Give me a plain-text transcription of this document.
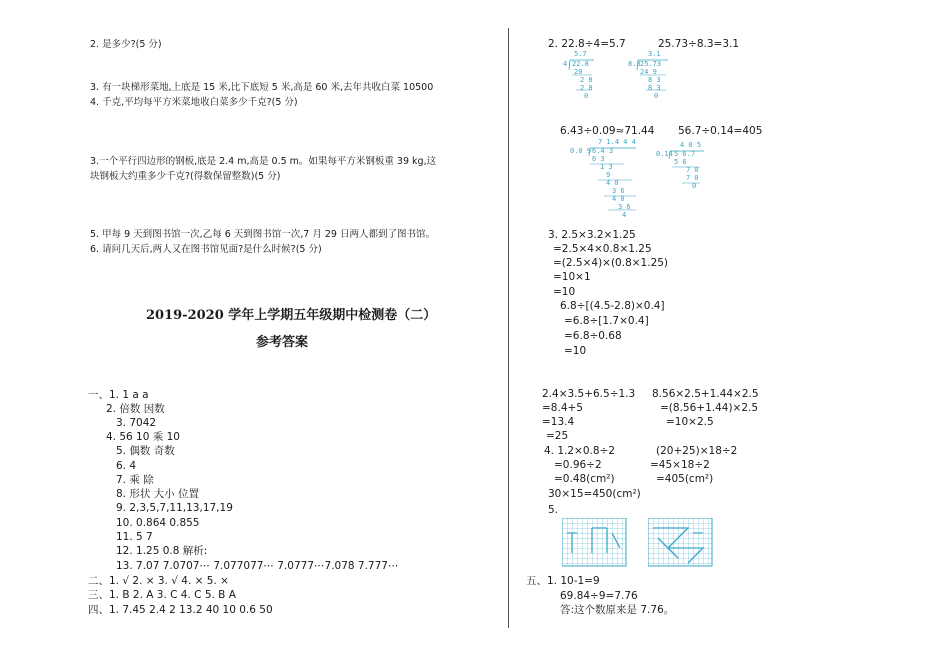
2. 是多少?(5 分)
3. 有一块梯形菜地,上底是 15 米,比下底短 5 米,高是 60 米,去年共收白菜 10500
4. 千克,平均每平方米菜地收白菜多少千克?(5 分)
3.一个平行四边形的钢板,底是 2.4 m,高是 0.5 m。如果每平方米钢板重 39 kg,这
块钢板大约重多少千克?(得数保留整数)(5 分)
5. 甲每 9 天到图书馆一次,乙每 6 天到图书馆一次,7 月 29 日两人都到了图书馆。
6. 请问几天后,两人又在图书馆见面?是什么时候?(5 分)
2019-2020 学年上学期五年级期中检测卷（二）
参考答案
一、1. 1 a a
2. 倍数 因数
3. 7042
4. 56 10 乘 10
5. 偶数 奇数
6. 4
7. 乘 除
8. 形状 大小 位置
9. 2,3,5,7,11,13,17,19
10. 0.864 0.855
11. 5 7
12. 1.25 0.8 解析:
13. 7.07 7.0707⋯ 7.077077⋯ 7.0777⋯7.078 7.777⋯
二、1. √ 2. × 3. √ 4. × 5. ×
三、1. B 2. A 3. C 4. C 5. B A
四、1. 7.45 2.4 2 13.2 40 10 0.6 50
2. 22.8÷4=5.7	25.73÷8.3=3.1
5.7
4 22.8
20
2 8
2 8
0
3.1
8.3 25.73
24 9
8 3
8 3
0
6.43÷0.09≈71.44 56.7÷0.14=405
7 1.4 4 4
0.0 9 6.4 3
6 3
1 3
9
4 0
3 6
4 0
3 6
4
4 0 5
0.14 5 6.7
5 6
7 0
7 0
0
3. 2.5×3.2×1.25
=2.5×4×0.8×1.25
=(2.5×4)×(0.8×1.25)
=10×1
=10
6.8÷[(4.5-2.8)×0.4]
=6.8÷[1.7×0.4]
=6.8÷0.68
=10
2.4×3.5+6.5÷1.3
=8.4+5
=13.4
=25
8.56×2.5+1.44×2.5
=(8.56+1.44)×2.5
=10×2.5
4. 1.2×0.8÷2
=0.96÷2
=0.48(cm²)
30×15=450(cm²)
(20+25)×18÷2
=45×18÷2
=405(cm²)
5.
五、1. 10-1=9
69.84÷9=7.76
答:这个数原来是 7.76。
